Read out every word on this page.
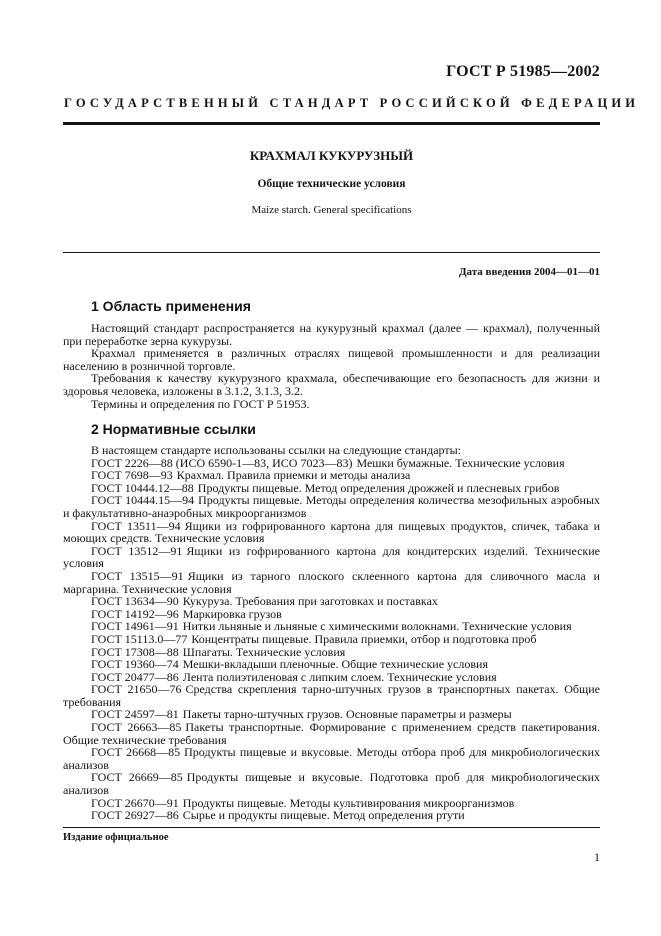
ГОСТ Р 51985—2002
ГОСУДАРСТВЕННЫЙ СТАНДАРТ РОССИЙСКОЙ ФЕДЕРАЦИИ
КРАХМАЛ КУКУРУЗНЫЙ
Общие технические условия
Maize starch. General specifications
Дата введения 2004—01—01
1 Область применения

Настоящий стандарт распространяется на кукурузный крахмал (далее — крахмал), полученный при переработке зерна кукурузы.

Крахмал применяется в различных отраслях пищевой промышленности и для реализации населению в розничной торговле.

Требования к качеству кукурузного крахмала, обеспечивающие его безопасность для жизни и здоровья человека, изложены в 3.1.2, 3.1.3, 3.2.

Термины и определения по ГОСТ Р 51953.

2 Нормативные ссылки

В настоящем стандарте использованы ссылки на следующие стандарты:

ГОСТ 2226—88 (ИСО 6590-1—83, ИСО 7023—83) Мешки бумажные. Технические условия
ГОСТ 7698—93 Крахмал. Правила приемки и методы анализа
ГОСТ 10444.12—88 Продукты пищевые. Метод определения дрожжей и плесневых грибов
ГОСТ 10444.15—94 Продукты пищевые. Методы определения количества мезофильных аэробных и факультативно-анаэробных микроорганизмов
ГОСТ 13511—94 Ящики из гофрированного картона для пищевых продуктов, спичек, табака и моющих средств. Технические условия
ГОСТ 13512—91 Ящики из гофрированного картона для кондитерских изделий. Технические условия
ГОСТ 13515—91 Ящики из тарного плоского склеенного картона для сливочного масла и маргарина. Технические условия
ГОСТ 13634—90 Кукуруза. Требования при заготовках и поставках
ГОСТ 14192—96 Маркировка грузов
ГОСТ 14961—91 Нитки льняные и льняные с химическими волокнами. Технические условия
ГОСТ 15113.0—77 Концентраты пищевые. Правила приемки, отбор и подготовка проб
ГОСТ 17308—88 Шпагаты. Технические условия
ГОСТ 19360—74 Мешки-вкладыши пленочные. Общие технические условия
ГОСТ 20477—86 Лента полиэтиленовая с липким слоем. Технические условия
ГОСТ 21650—76 Средства скрепления тарно-штучных грузов в транспортных пакетах. Общие требования
ГОСТ 24597—81 Пакеты тарно-штучных грузов. Основные параметры и размеры
ГОСТ 26663—85 Пакеты транспортные. Формирование с применением средств пакетирования. Общие технические требования
ГОСТ 26668—85 Продукты пищевые и вкусовые. Методы отбора проб для микробиологических анализов
ГОСТ 26669—85 Продукты пищевые и вкусовые. Подготовка проб для микробиологических анализов
ГОСТ 26670—91 Продукты пищевые. Методы культивирования микроорганизмов
ГОСТ 26927—86 Сырье и продукты пищевые. Метод определения ртути
Издание официальное
1
